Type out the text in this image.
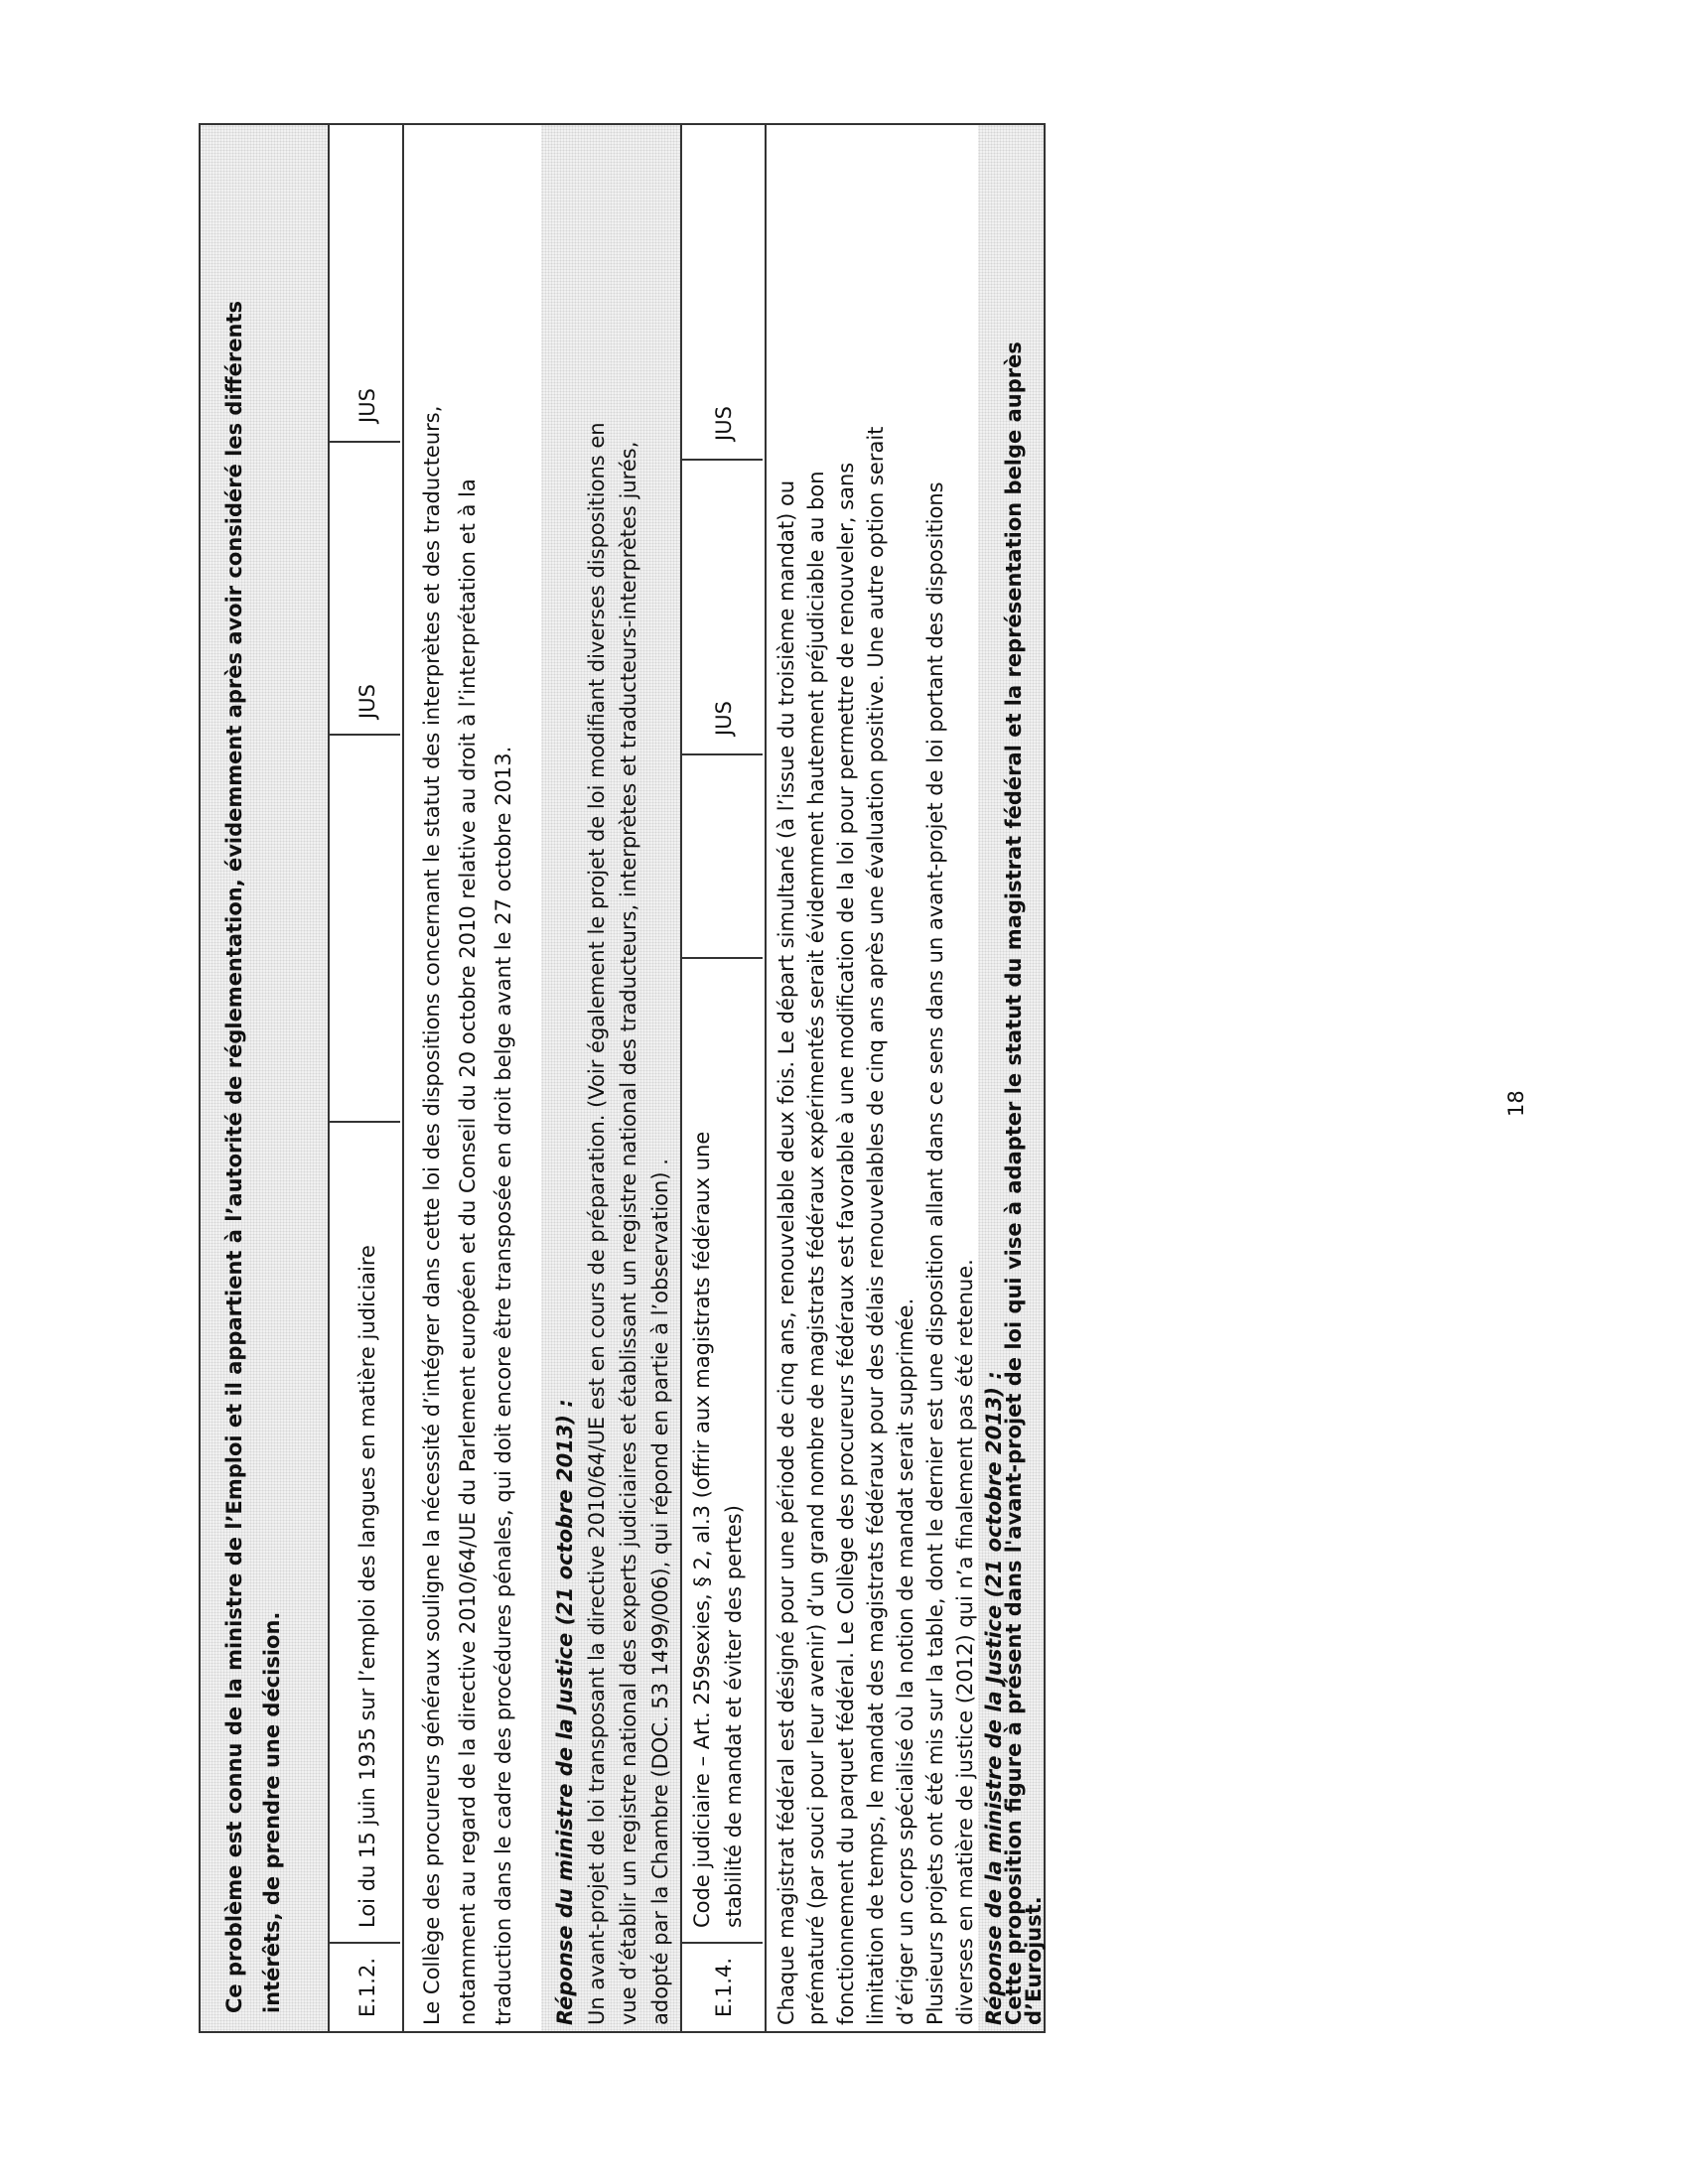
Ce problème est connu de la ministre de l’Emploi et il appartient à l’autorité de réglementation, évidemment après avoir considéré les différents intérêts, de prendre une décision.	E.1.2.
Loi du 15 juin 1935 sur l’emploi des langues en matière judiciaire
JUS
JUS
Le Collège des procureurs généraux souligne la nécessité d’intégrer dans cette loi des dispositions concernant le statut des interprètes et des traducteurs, notamment au regard de la directive 2010/64/UE du Parlement européen et du Conseil du 20 octobre 2010 relative au droit à l’interprétation et à la traduction dans le cadre des procédures pénales, qui doit encore être transposée en droit belge avant le 27 octobre 2013. Réponse du ministre de la Justice (21 octobre 2013) : Un avant-projet de loi transposant la directive 2010/64/UE est en cours de préparation. (Voir également le projet de loi modifiant diverses dispositions en vue d’établir un registre national des experts judiciaires et établissant un registre national des traducteurs, interprètes et traducteurs-interprètes jurés, adopté par la Chambre (DOC. 53 1499/006), qui répond en partie à l’observation) . E.1.4.
Code judiciaire – Art. 259sexies, § 2, al.3 (offrir aux magistrats fédéraux une stabilité de mandat et éviter des pertes)
JUS
JUS
Chaque magistrat fédéral est désigné pour une période de cinq ans, renouvelable deux fois. Le départ simultané (à l’issue du troisième mandat) ou prématuré (par souci pour leur avenir) d’un grand nombre de magistrats fédéraux expérimentés serait évidemment hautement préjudiciable au bon fonctionnement du parquet fédéral. Le Collège des procureurs fédéraux est favorable à une modification de la loi pour permettre de renouveler, sans limitation de temps, le mandat des magistrats fédéraux pour des délais renouvelables de cinq ans après une évaluation positive. Une autre option serait d’ériger un corps spécialisé où la notion de mandat serait supprimée. Plusieurs projets ont été mis sur la table, dont le dernier est une disposition allant dans ce sens dans un avant-projet de loi portant des dispositions diverses en matière de justice (2012) qui n’a finalement pas été retenue. Réponse de la ministre de la Justice (21 octobre 2013) :
Cette proposition figure à présent dans l'avant-projet de loi qui vise à adapter le statut du magistrat fédéral et la représentation belge auprès
d’Eurojust.
18
